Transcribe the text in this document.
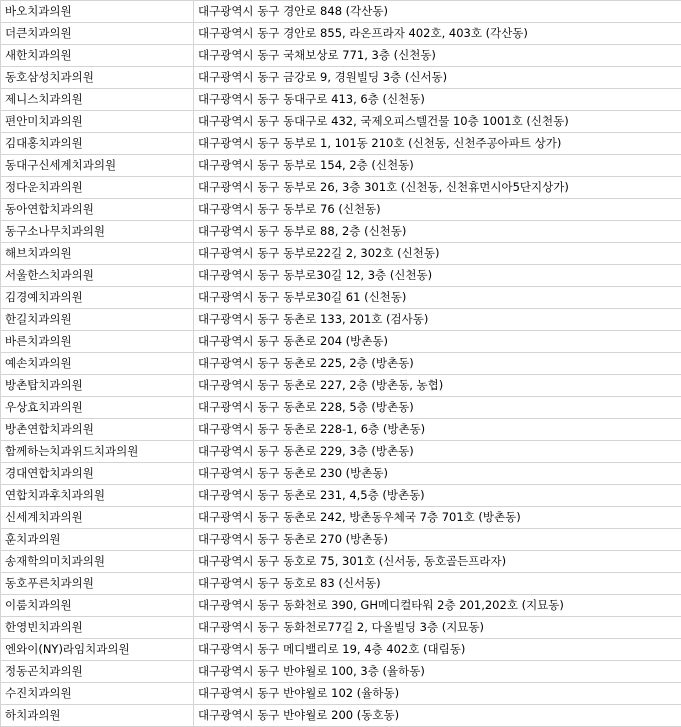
바오치과의원	대구광역시 동구 경안로 848 (각산동)
더큰치과의원	대구광역시 동구 경안로 855, 라온프라자 402호, 403호 (각산동)
새한치과의원	대구광역시 동구 국채보상로 771, 3층 (신천동)
동호삼성치과의원	대구광역시 동구 금강로 9, 경원빌딩 3층 (신서동)
제니스치과의원	대구광역시 동구 동대구로 413, 6층 (신천동)
편안미치과의원	대구광역시 동구 동대구로 432, 국제오피스텔건물 10층 1001호 (신천동)
김대홍치과의원	대구광역시 동구 동부로 1, 101동 210호 (신천동, 신천주공아파트 상가)
동대구신세계치과의원	대구광역시 동구 동부로 154, 2층 (신천동)
정다운치과의원	대구광역시 동구 동부로 26, 3층 301호 (신천동, 신천휴먼시아5단지상가)
동아연합치과의원	대구광역시 동구 동부로 76 (신천동)
동구소나무치과의원	대구광역시 동구 동부로 88, 2층 (신천동)
해브치과의원	대구광역시 동구 동부로22길 2, 302호 (신천동)
서울한스치과의원	대구광역시 동구 동부로30길 12, 3층 (신천동)
김경예치과의원	대구광역시 동구 동부로30길 61 (신천동)
한길치과의원	대구광역시 동구 동촌로 133, 201호 (검사동)
바른치과의원	대구광역시 동구 동촌로 204 (방촌동)
예손치과의원	대구광역시 동구 동촌로 225, 2층 (방촌동)
방촌탑치과의원	대구광역시 동구 동촌로 227, 2층 (방촌동, 농협)
우상효치과의원	대구광역시 동구 동촌로 228, 5층 (방촌동)
방촌연합치과의원	대구광역시 동구 동촌로 228-1, 6층 (방촌동)
함께하는치과위드치과의원	대구광역시 동구 동촌로 229, 3층 (방촌동)
경대연합치과의원	대구광역시 동구 동촌로 230 (방촌동)
연합치과후치과의원	대구광역시 동구 동촌로 231, 4,5층 (방촌동)
신세계치과의원	대구광역시 동구 동촌로 242, 방촌동우체국 7층 701호 (방촌동)
훈치과의원	대구광역시 동구 동촌로 270 (방촌동)
송재학의미치과의원	대구광역시 동구 동호로 75, 301호 (신서동, 동호골든프라자)
동호푸른치과의원	대구광역시 동구 동호로 83 (신서동)
이룸치과의원	대구광역시 동구 동화천로 390, GH메디컬타워 2층 201,202호 (지묘동)
한영빈치과의원	대구광역시 동구 동화천로77길 2, 다올빌딩 3층 (지묘동)
엔와이(NY)라임치과의원	대구광역시 동구 메디밸리로 19, 4층 402호 (대림동)
정동곤치과의원	대구광역시 동구 반야월로 100, 3층 (율하동)
수진치과의원	대구광역시 동구 반야월로 102 (율하동)
하치과의원	대구광역시 동구 반야월로 200 (동호동)
